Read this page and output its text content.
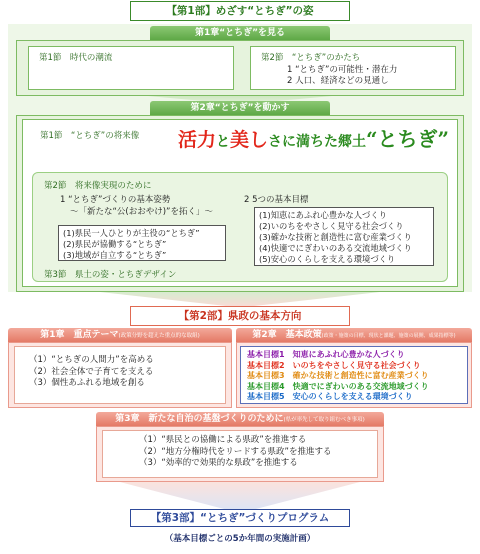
【第1部】めざす“とちぎ”の姿
第1章“とちぎ”を見る
第1節　時代の潮流	第2節　“とちぎ”のかたち
1 “とちぎ”の可能性・潜在力
2 人口、経済などの見通し
第2章“とちぎ”を動かす
第1節　“とちぎ”の将来像 活力と美しさに満ちた郷土“とちぎ”
第2節　将来像実現のために
1 “とちぎ”づくりの基本姿勢
～「新たな“公(おおやけ)”を拓く」～
(1)県民一人ひとりが主役の“とちぎ”
(2)県民が協働する“とちぎ”
(3)地域が自立する“とちぎ”
2 5つの基本目標
(1)知恵にあふれ心豊かな人づくり
(2)いのちをやさしく見守る社会づくり
(3)確かな技術と創造性に富む産業づくり
(4)快適でにぎわいのある交流地域づくり
(5)安心のくらしを支える環境づくり
第3節　県土の姿・とちぎデザイン
【第2部】県政の基本方向
第1章　重点テーマ(政策分野を超えた重点的な取組)
（1）“とちぎの人間力”を高める
（2）社会全体で子育てを支える
（3）個性あふれる地域を創る
第2章　基本政策(政策・施策の目標、現状と課題、施策の展開、成果指標等)
基本目標1　 知恵にあふれ心豊かな人づくり
基本目標2　 いのちをやさしく見守る社会づくり
基本目標3　 確かな技術と創造性に富む産業づくり
基本目標4　 快適でにぎわいのある交流地域づくり
基本目標5　 安心のくらしを支える環境づくり
第3章　新たな自治の基盤づくりのために(県が率先して取り組むべき事項)
（1）“県民との協働による県政”を推進する
（2）“地方分権時代をリードする県政”を推進する
（3）“効率的で効果的な県政”を推進する
【第3部】“とちぎ”づくりプログラム
（基本目標ごとの5か年間の実施計画）
